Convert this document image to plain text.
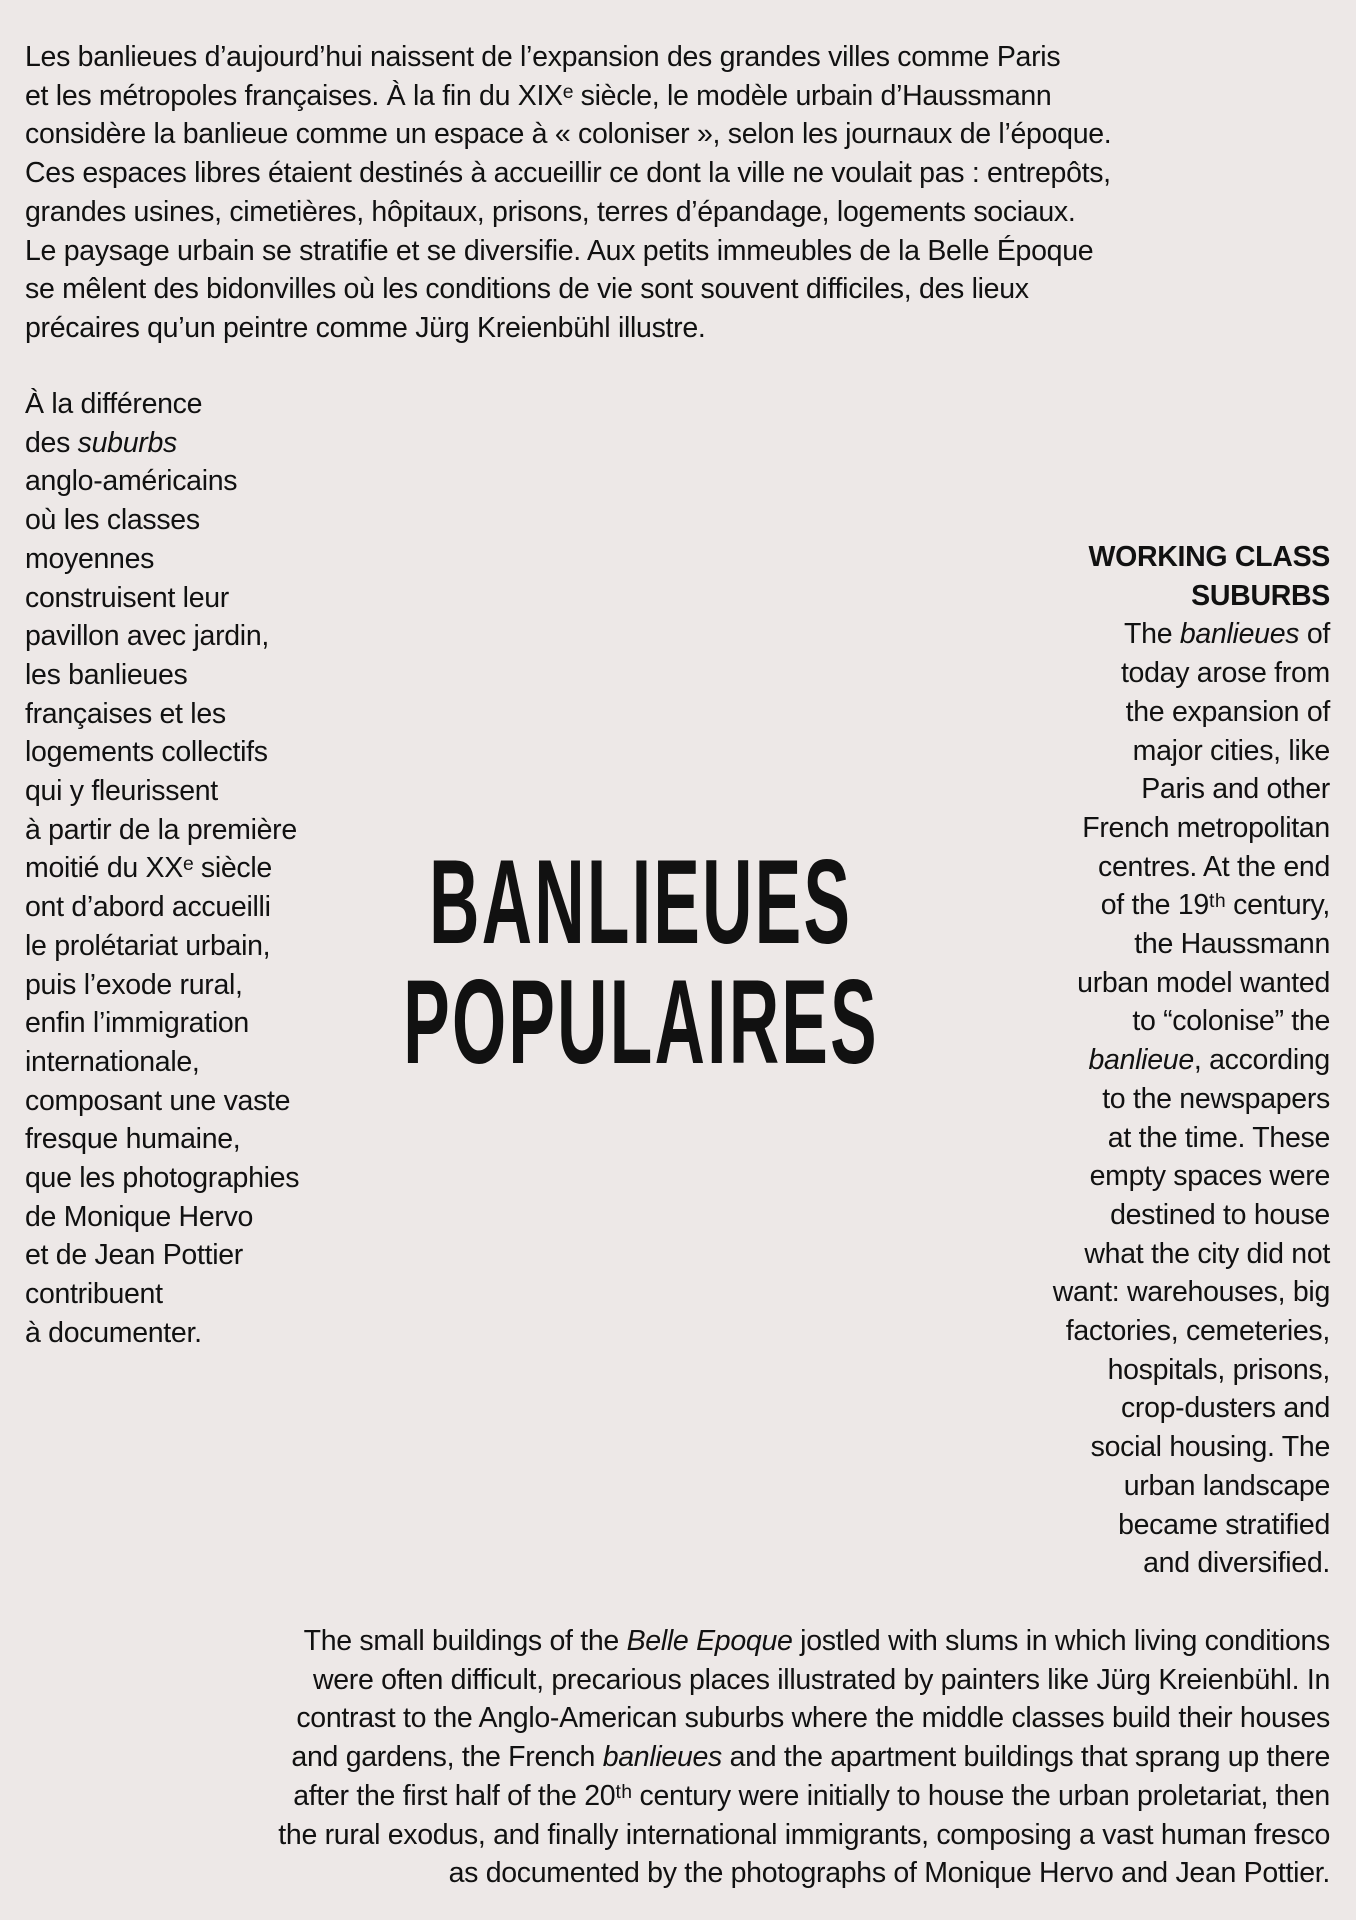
Les banlieues d’aujourd’hui naissent de l’expansion des grandes villes comme Paris
et les métropoles françaises. À la fin du XIXᵉ siècle, le modèle urbain d’Haussmann
considère la banlieue comme un espace à « coloniser », selon les journaux de l’époque.
Ces espaces libres étaient destinés à accueillir ce dont la ville ne voulait pas : entrepôts,
grandes usines, cimetières, hôpitaux, prisons, terres d’épandage, logements sociaux.
Le paysage urbain se stratifie et se diversifie. Aux petits immeubles de la Belle Époque
se mêlent des bidonvilles où les conditions de vie sont souvent difficiles, des lieux
précaires qu’un peintre comme Jürg Kreienbühl illustre.
À la différence
des suburbs
anglo-américains
où les classes
moyennes
construisent leur
pavillon avec jardin,
les banlieues
françaises et les
logements collectifs
qui y fleurissent
à partir de la première
moitié du XXᵉ siècle
ont d’abord accueilli
le prolétariat urbain,
puis l’exode rural,
enfin l’immigration
internationale,
composant une vaste
fresque humaine,
que les photographies
de Monique Hervo
et de Jean Pottier
contribuent
à documenter.
BANLIEUES
POPULAIRES
WORKING CLASS
SUBURBS
The banlieues of
today arose from
the expansion of
major cities, like
Paris and other
French metropolitan
centres. At the end
of the 19ᵗʰ century,
the Haussmann
urban model wanted
to “colonise” the
banlieue, according
to the newspapers
at the time. These
empty spaces were
destined to house
what the city did not
want: warehouses, big
factories, cemeteries,
hospitals, prisons,
crop-dusters and
social housing. The
urban landscape
became stratified
and diversified.
The small buildings of the Belle Epoque jostled with slums in which living conditions
were often difficult, precarious places illustrated by painters like Jürg Kreienbühl. In
contrast to the Anglo-American suburbs where the middle classes build their houses
and gardens, the French banlieues and the apartment buildings that sprang up there
after the first half of the 20ᵗʰ century were initially to house the urban proletariat, then
the rural exodus, and finally international immigrants, composing a vast human fresco
as documented by the photographs of Monique Hervo and Jean Pottier.
